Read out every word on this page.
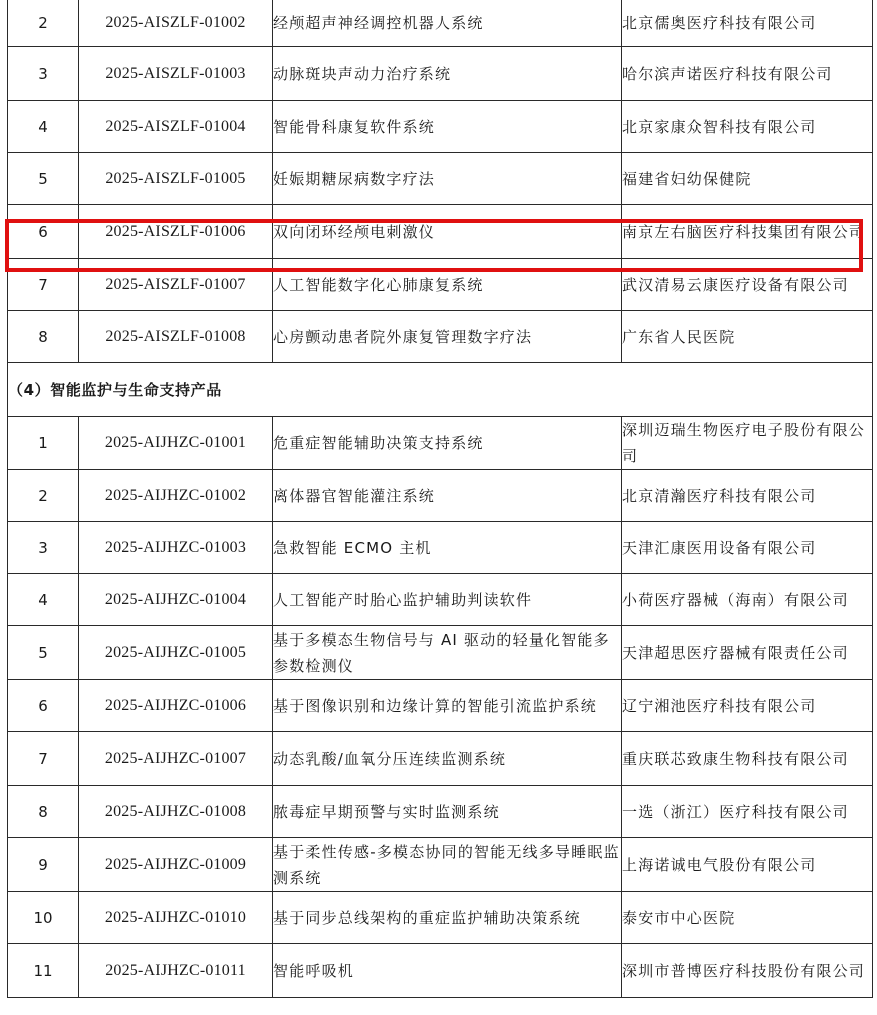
2	2025-AISZLF-01002	经颅超声神经调控机器人系统	北京儒奥医疗科技有限公司
3	2025-AISZLF-01003	动脉斑块声动力治疗系统	哈尔滨声诺医疗科技有限公司
4	2025-AISZLF-01004	智能骨科康复软件系统	北京家康众智科技有限公司
5	2025-AISZLF-01005	妊娠期糖尿病数字疗法	福建省妇幼保健院
6	2025-AISZLF-01006	双向闭环经颅电刺激仪	南京左右脑医疗科技集团有限公司
7	2025-AISZLF-01007	人工智能数字化心肺康复系统	武汉清易云康医疗设备有限公司
8	2025-AISZLF-01008	心房颤动患者院外康复管理数字疗法	广东省人民医院
（4）智能监护与生命支持产品			
1	2025-AIJHZC-01001	危重症智能辅助决策支持系统	深圳迈瑞生物医疗电子股份有限公司
2	2025-AIJHZC-01002	离体器官智能灌注系统	北京清瀚医疗科技有限公司
3	2025-AIJHZC-01003	急救智能 ECMO 主机	天津汇康医用设备有限公司
4	2025-AIJHZC-01004	人工智能产时胎心监护辅助判读软件	小荷医疗器械（海南）有限公司
5	2025-AIJHZC-01005	基于多模态生物信号与 AI 驱动的轻量化智能多参数检测仪	天津超思医疗器械有限责任公司
6	2025-AIJHZC-01006	基于图像识别和边缘计算的智能引流监护系统	辽宁湘池医疗科技有限公司
7	2025-AIJHZC-01007	动态乳酸/血氧分压连续监测系统	重庆联芯致康生物科技有限公司
8	2025-AIJHZC-01008	脓毒症早期预警与实时监测系统	一选（浙江）医疗科技有限公司
9	2025-AIJHZC-01009	基于柔性传感-多模态协同的智能无线多导睡眠监测系统	上海诺诚电气股份有限公司
10	2025-AIJHZC-01010	基于同步总线架构的重症监护辅助决策系统	泰安市中心医院
11	2025-AIJHZC-01011	智能呼吸机	深圳市普博医疗科技股份有限公司
